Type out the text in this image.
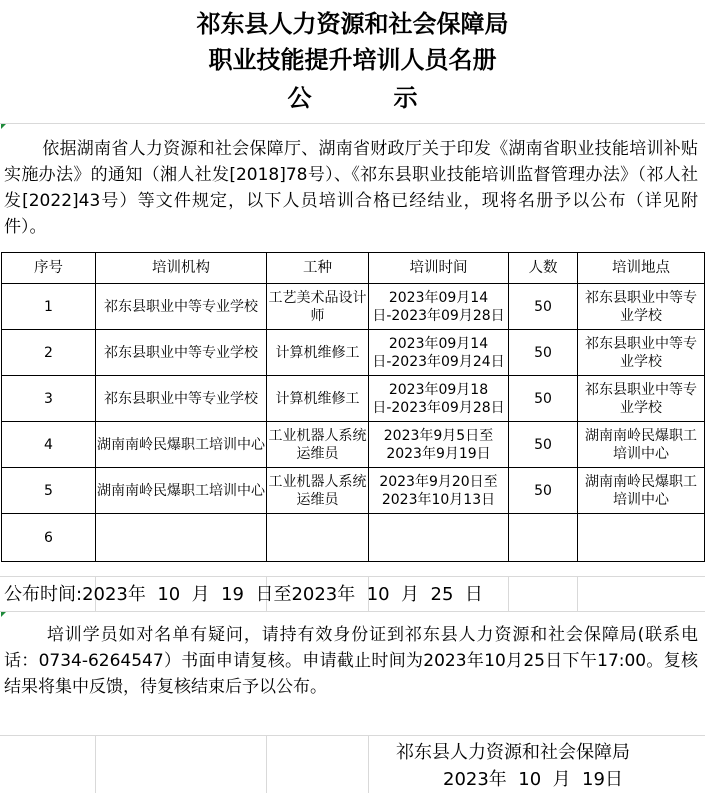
祁东县人力资源和社会保障局
职业技能提升培训人员名册
公	示
依据湖南省人力资源和社会保障厅、湖南省财政厅关于印发《湖南省职业技能培训补贴实施办法》的通知（湘人社发[2018]78号）、《祁东县职业技能培训监督管理办法》（祁人社发[2022]43号）等文件规定，以下人员培训合格已经结业，现将名册予以公布（详见附件）。
序号	培训机构	工种	培训时间	人数	培训地点
1	祁东县职业中等专业学校	工艺美术品设计师	2023年09月14日-2023年09月28日	50	祁东县职业中等专业学校
2	祁东县职业中等专业学校	计算机维修工	2023年09月14日-2023年09月24日	50	祁东县职业中等专业学校
3	祁东县职业中等专业学校	计算机维修工	2023年09月18日-2023年09月28日	50	祁东县职业中等专业学校
4	湖南南岭民爆职工培训中心	工业机器人系统运维员	2023年9月5日至2023年9月19日	50	湖南南岭民爆职工培训中心
5	湖南南岭民爆职工培训中心	工业机器人系统运维员	2023年9月20日至2023年10月13日	50	湖南南岭民爆职工培训中心
6					
公布时间:2023年  10  月  19  日至2023年  10  月  25  日
培训学员如对名单有疑问，请持有效身份证到祁东县人力资源和社会保障局(联系电话：0734-6264547）书面申请复核。申请截止时间为2023年10月25日下午17:00。复核结果将集中反馈，待复核结束后予以公布。
祁东县人力资源和社会保障局
2023年  10  月  19日
